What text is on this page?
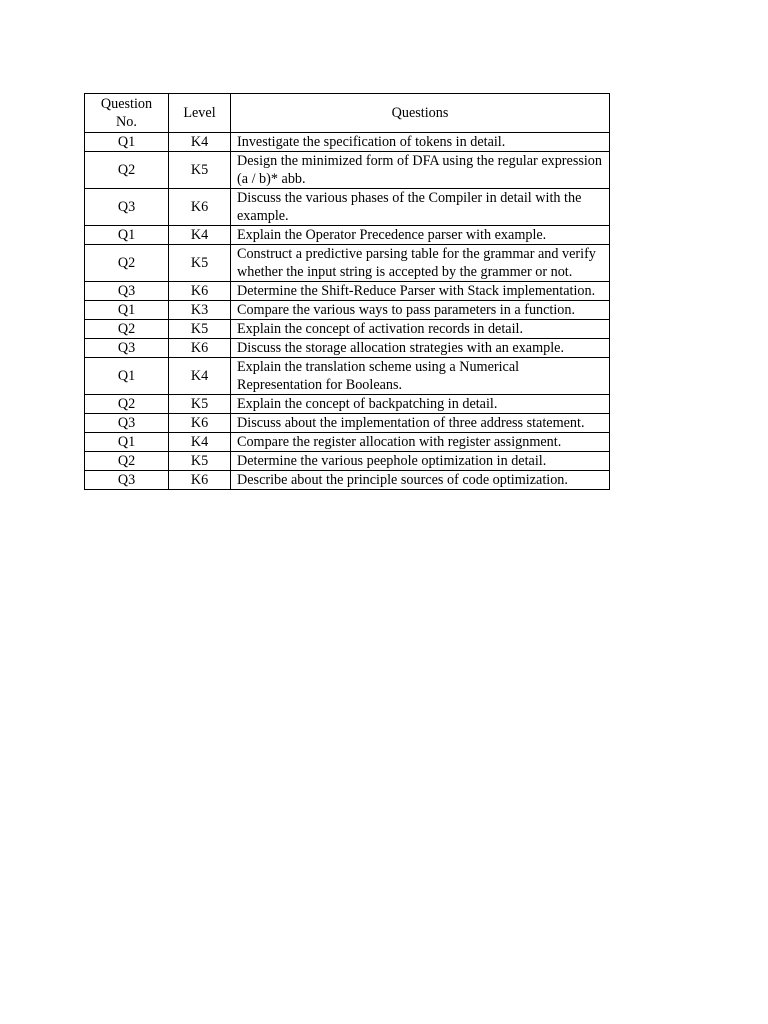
Question No.	Level	Questions
Q1	K4	Investigate the specification of tokens in detail.
Q2	K5	Design the minimized form of DFA using the regular expression (a / b)* abb.
Q3	K6	Discuss the various phases of the Compiler in detail with the example.
Q1	K4	Explain the Operator Precedence parser with example.
Q2	K5	Construct a predictive parsing table for the grammar and verify whether the input string is accepted by the grammer or not.
Q3	K6	Determine the Shift-Reduce Parser with Stack implementation.
Q1	K3	Compare the various ways to pass parameters in a function.
Q2	K5	Explain the concept of activation records in detail.
Q3	K6	Discuss the storage allocation strategies with an example.
Q1	K4	Explain the translation scheme using a Numerical Representation for Booleans.
Q2	K5	Explain the concept of backpatching in detail.
Q3	K6	Discuss about the implementation of three address statement.
Q1	K4	Compare the register allocation with register assignment.
Q2	K5	Determine the various peephole optimization in detail.
Q3	K6	Describe about the principle sources of code optimization.
